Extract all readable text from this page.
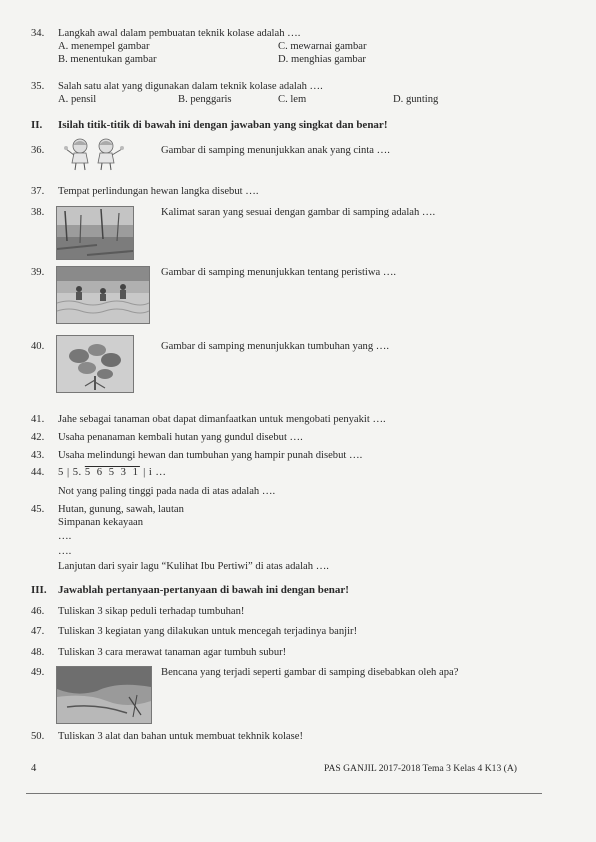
34. Langkah awal dalam pembuatan teknik kolase adalah ….
A. menempel gambar	C. mewarnai gambar
B. menentukan gambar	D. menghias gambar
35. Salah satu alat yang digunakan dalam teknik kolase adalah ….
A. pensil	B. penggaris	C. lem	D. gunting
II. Isilah titik-titik di bawah ini dengan jawaban yang singkat dan benar!
36.	Gambar di samping menunjukkan anak yang cinta ….
37. Tempat perlindungan hewan langka disebut ….
38.	Kalimat saran yang sesuai dengan gambar di samping adalah ….
39.	Gambar di samping menunjukkan tentang peristiwa ….
40.	Gambar di samping menunjukkan tumbuhan yang ….
41. Jahe sebagai tanaman obat dapat dimanfaatkan untuk mengobati penyakit ….
42. Usaha penanaman kembali hutan yang gundul disebut ….
43. Usaha melindungi hewan dan tumbuhan yang hampir punah disebut ….
44. 5 | 5. 5 6 5 3 1 | i …
Not yang paling tinggi pada nada di atas adalah ….
45. Hutan, gunung, sawah, lautan
Simpanan kekayaan
….
….
Lanjutan dari syair lagu “Kulihat Ibu Pertiwi” di atas adalah ….
III. Jawablah pertanyaan-pertanyaan di bawah ini dengan benar!
46. Tuliskan 3 sikap peduli terhadap tumbuhan!
47. Tuliskan 3 kegiatan yang dilakukan untuk mencegah terjadinya banjir!
48. Tuliskan 3 cara merawat tanaman agar tumbuh subur!
49.	Bencana yang terjadi seperti gambar di samping disebabkan oleh apa?
50. Tuliskan 3 alat dan bahan untuk membuat tekhnik kolase!
4	PAS GANJIL 2017-2018 Tema 3 Kelas 4 K13 (A)
